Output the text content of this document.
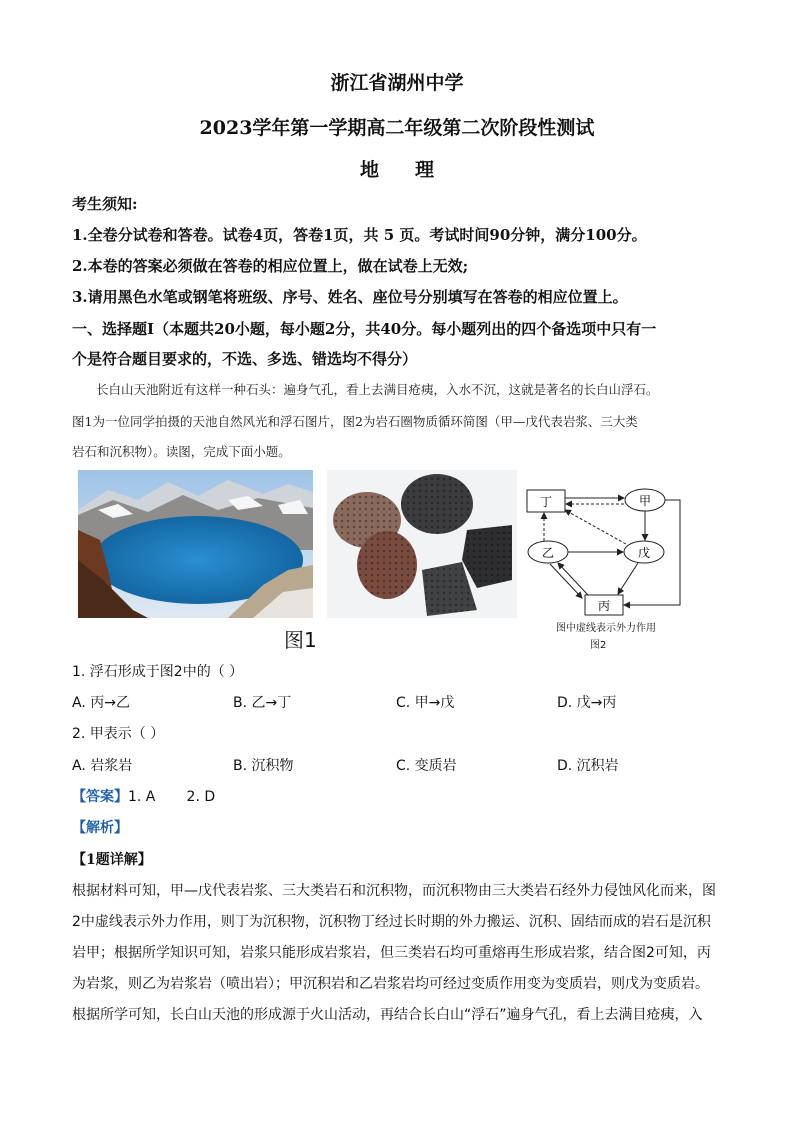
浙江省湖州中学
2023学年第一学期高二年级第二次阶段性测试
地 理
考生须知:
1.全卷分试卷和答卷。试卷4页，答卷1页，共 5 页。考试时间90分钟，满分100分。
2.本卷的答案必须做在答卷的相应位置上，做在试卷上无效;
3.请用黑色水笔或钢笔将班级、序号、姓名、座位号分别填写在答卷的相应位置上。
一、选择题Ⅰ（本题共20小题，每小题2分，共40分。每小题列出的四个备选项中只有一
个是符合题目要求的，不选、多选、错选均不得分）
长白山天池附近有这样一种石头：遍身气孔，看上去满目疮痍，入水不沉，这就是著名的长白山浮石。
图1为一位同学拍摄的天池自然风光和浮石图片，图2为岩石圈物质循环简图（甲—戊代表岩浆、三大类
岩石和沉积物）。读图，完成下面小题。
图1
丁	甲
乙	戊
丙
图中虚线表示外力作用
图2
1. 浮石形成于图2中的（ ）
A. 丙→乙	B. 乙→丁	C. 甲→戊	D. 戊→丙
2. 甲表示（ ）
A. 岩浆岩	B. 沉积物	C. 变质岩	D. 沉积岩
【答案】1. A       2. D
【解析】
【1题详解】
根据材料可知，甲—戊代表岩浆、三大类岩石和沉积物，而沉积物由三大类岩石经外力侵蚀风化而来，图
2中虚线表示外力作用，则丁为沉积物，沉积物丁经过长时期的外力搬运、沉积、固结而成的岩石是沉积
岩甲；根据所学知识可知，岩浆只能形成岩浆岩，但三类岩石均可重熔再生形成岩浆，结合图2可知，丙
为岩浆，则乙为岩浆岩（喷出岩）；甲沉积岩和乙岩浆岩均可经过变质作用变为变质岩，则戊为变质岩。
根据所学可知，长白山天池的形成源于火山活动，再结合长白山“浮石”遍身气孔，看上去满目疮痍，入
